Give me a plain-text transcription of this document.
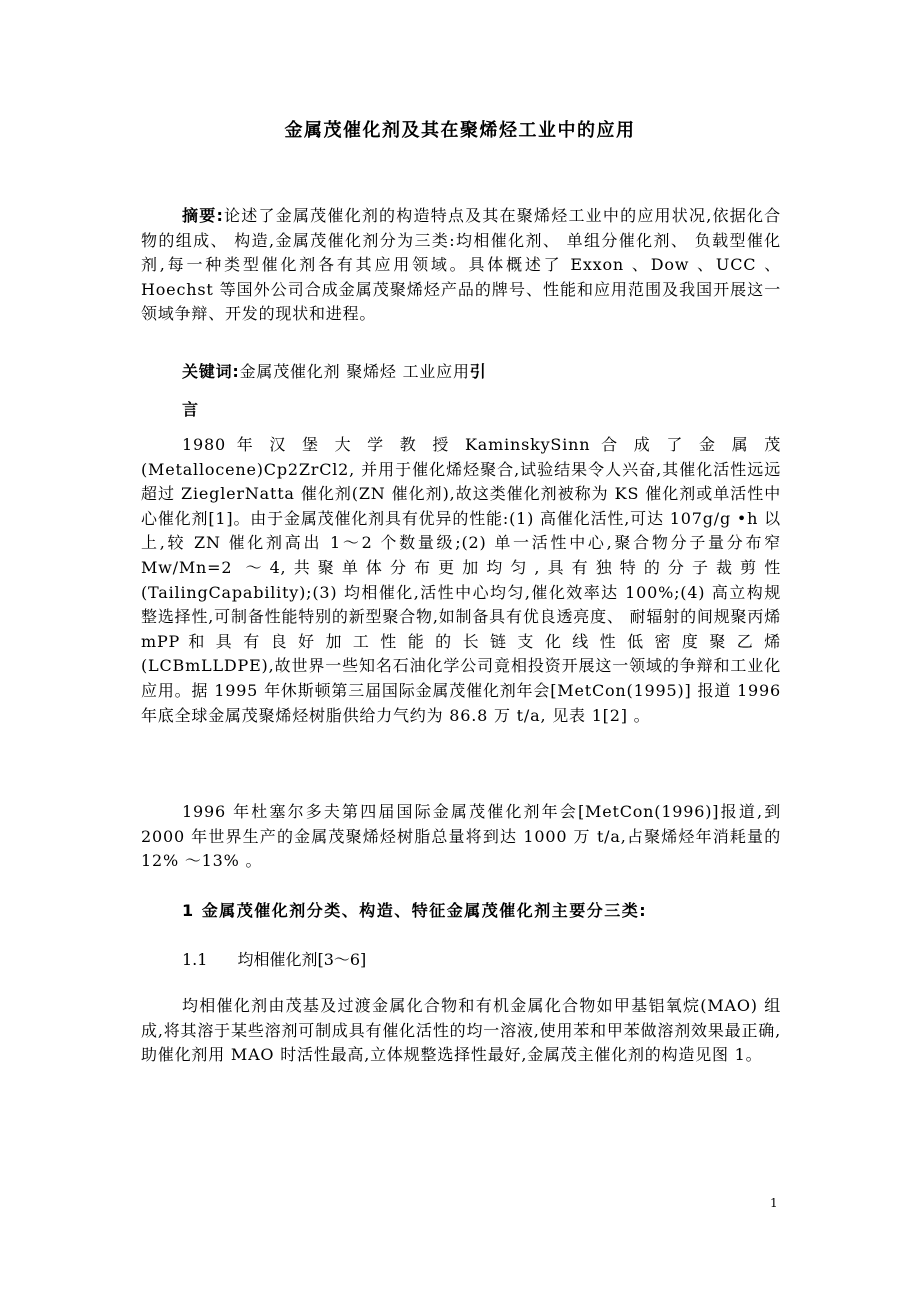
金属茂催化剂及其在聚烯烃工业中的应用

摘要:论述了金属茂催化剂的构造特点及其在聚烯烃工业中的应用状况,依据化合物的组成、 构造,金属茂催化剂分为三类:均相催化剂、 单组分催化剂、 负载型催化剂,每一种类型催化剂各有其应用领域。具体概述了 Exxon 、Dow 、UCC 、Hoechst 等国外公司合成金属茂聚烯烃产品的牌号、性能和应用范围及我国开展这一领域争辩、开发的现状和进程。

关键词:金属茂催化剂 聚烯烃 工业应用引

言

1980 年 汉 堡 大 学 教 授 KaminskySinn 合 成 了 金 属 茂 (Metallocene)Cp2ZrCl2, 并用于催化烯烃聚合,试验结果令人兴奋,其催化活性远远超过 ZieglerNatta 催化剂(ZN 催化剂),故这类催化剂被称为 KS 催化剂或单活性中心催化剂[1]。由于金属茂催化剂具有优异的性能:(1) 高催化活性,可达 107g/g •h 以上,较 ZN 催化剂高出 1～2 个数量级;(2) 单一活性中心,聚合物分子量分布窄 Mw/Mn=2 ～4,共聚单体分布更加均匀,具有独特的分子裁剪性 (TailingCapability);(3) 均相催化,活性中心均匀,催化效率达 100%;(4) 高立构规整选择性,可制备性能特别的新型聚合物,如制备具有优良透亮度、 耐辐射的间规聚丙烯 mPP 和 具 有 良 好 加 工 性 能 的 长 链 支 化 线 性 低 密 度 聚 乙 烯 (LCBmLLDPE),故世界一些知名石油化学公司竟相投资开展这一领域的争辩和工业化应用。据 1995 年休斯顿第三届国际金属茂催化剂年会[MetCon(1995)] 报道 1996 年底全球金属茂聚烯烃树脂供给力气约为 86.8 万 t/a, 见表 1[2] 。

1996 年杜塞尔多夫第四届国际金属茂催化剂年会[MetCon(1996)]报道,到 2000 年世界生产的金属茂聚烯烃树脂总量将到达 1000 万 t/a,占聚烯烃年消耗量的 12% ～13% 。

1 金属茂催化剂分类、构造、特征金属茂催化剂主要分三类:
1.1 均相催化剂[3～6]

均相催化剂由茂基及过渡金属化合物和有机金属化合物如甲基铝氧烷(MAO) 组成,将其溶于某些溶剂可制成具有催化活性的均一溶液,使用苯和甲苯做溶剂效果最正确,助催化剂用 MAO 时活性最高,立体规整选择性最好,金属茂主催化剂的构造见图 1。

1
